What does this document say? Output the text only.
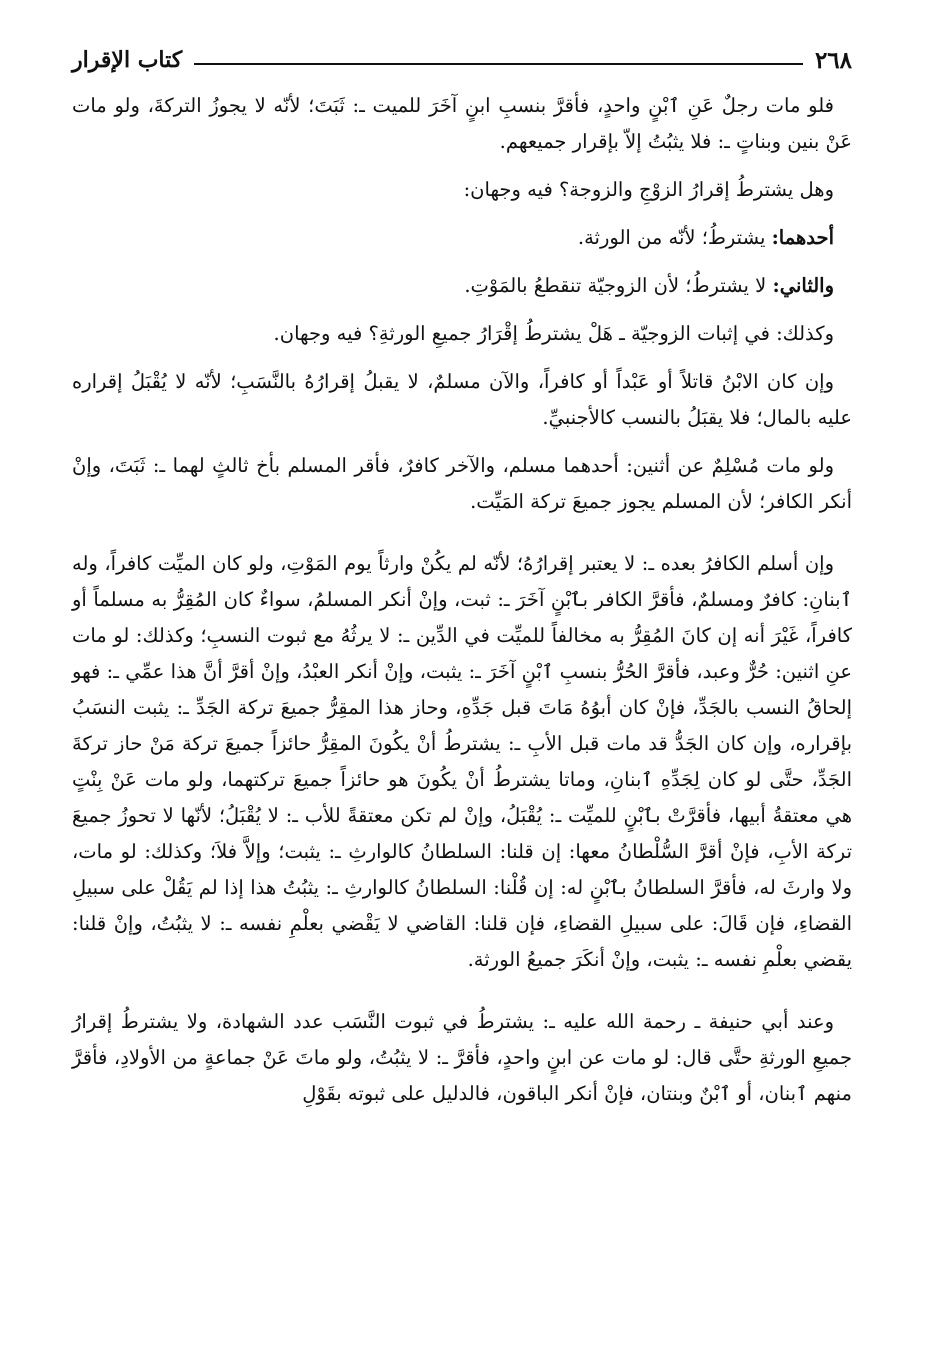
٢٦٨
كتاب الإقرار

فلو مات رجلٌ عَنِ ٱبْنٍ واحدٍ، فأقرَّ بنسبِ ابنٍ آخَرَ للميت ـ: ثَبَتَ؛ لأنّه لا يجوزُ التركةَ، ولو مات عَنْ بنين وبناتٍ ـ: فلا يثبُتُ إلاّ بإقرار جميعهم.

وهل يشترطُ إقرارُ الزوْجِ والزوجة؟ فيه وجهان:

أحدهما: يشترطُ؛ لأنّه من الورثة.

والثاني: لا يشترطُ؛ لأن الزوجيّة تنقطعُ بالمَوْتِ.

وكذلك: في إثبات الزوجيّة ـ هَلْ يشترطُ إقْرَارُ جميعِ الورثةِ؟ فيه وجهان.

وإن كان الابْنُ قاتلاً أو عَبْداً أو كافراً، والآن مسلمٌ، لا يقبلُ إقرارُهُ بالنَّسَبِ؛ لأنّه لا يُقْبَلُ إقراره عليه بالمال؛ فلا يقبَلُ بالنسب كالأجنبيِّ.

ولو مات مُسْلِمٌ عن أثنين: أحدهما مسلم، والآخر كافرٌ، فأقر المسلم بأخ ثالثٍ لهما ـ: ثَبَتَ، وإنْ أنكر الكافر؛ لأن المسلم يجوز جميعَ تركة المَيِّت.

وإن أسلم الكافرُ بعده ـ: لا يعتبر إقرارُهُ؛ لأنّه لم يكُنْ وارثاً يوم المَوْتِ، ولو كان الميِّت كافراً، وله ٱبنانِ: كافرٌ ومسلمٌ، فأقرَّ الكافر بٱبْنٍ آخَرَ ـ: ثبت، وإنْ أنكر المسلمُ، سواءٌ كان المُقِرُّ به مسلماً أو كافراً، غَيْرَ أنه إن كانَ المُقِرُّ به مخالفاً للميِّت في الدِّين ـ: لا يرثُهُ مع ثبوت النسبِ؛ وكذلك: لو مات عنِ اثنين: حُرٌّ وعبد، فأقرَّ الحُرُّ بنسبِ ٱبْنٍ آخَرَ ـ: يثبت، وإنْ أنكر العبْدُ، وإنْ أقرَّ أنَّ هذا عمِّي ـ: فهو إلحاقُ النسب بالجَدِّ، فإنْ كان أبوُهُ مَاتَ قبل جَدِّهِ، وحاز هذا المقِرُّ جميعَ تركة الجَدِّ ـ: يثبت النسَبُ بإقراره، وإن كان الجَدُّ قد مات قبل الأبِ ـ: يشترطُ أنْ يكُونَ المقِرُّ حائزاً جميعَ تركة مَنْ حاز تركةَ الجَدِّ، حتَّى لو كان لِجَدِّهِ ٱبنانِ، وماتا يشترطُ أنْ يكُونَ هو حائزاً جميعَ تركتهما، ولو مات عَنْ بِنْتٍ هي معتقةُ أبيها، فأقرَّتْ بٱبْنٍ للميِّت ـ: يُقْبَلُ، وإنْ لم تكن معتقةً للأب ـ: لا يُقْبَلُ؛ لأنّها لا تحوزُ جميعَ تركة الأبِ، فإنْ أقرَّ السُّلْطانُ معها: إن قلنا: السلطانُ كالوارثِ ـ: يثبت؛ وإلاَّ فلاَ؛ وكذلك: لو مات، ولا وارثَ له، فأقرَّ السلطانُ بٱبْنٍ له: إن قُلْنا: السلطانُ كالوارثِ ـ: يثبُتُ هذا إذا لم يَقُلْ على سبيلِ القضاءِ، فإن قَالَ: على سبيلِ القضاءِ، فإن قلنا: القاضي لا يَقْضي بعلْمِ نفسه ـ: لا يثبُتُ، وإنْ قلنا: يقضي بعلْمِ نفسه ـ: يثبت، وإنْ أنكَرَ جميعُ الورثة.

وعند أبي حنيفة ـ رحمة الله عليه ـ: يشترطُ في ثبوت النَّسَب عدد الشهادة، ولا يشترطُ إقرارُ جميعِ الورثةِ حتَّى قال: لو مات عن ابنٍ واحدٍ، فأقرَّ ـ: لا يثبُتُ، ولو ماتَ عَنْ جماعةٍ من الأولادِ، فأقرَّ منهم ٱبنان، أو ٱبْنٌ وبنتان، فإنْ أنكر الباقون، فالدليل على ثبوته بقَوْلِ
